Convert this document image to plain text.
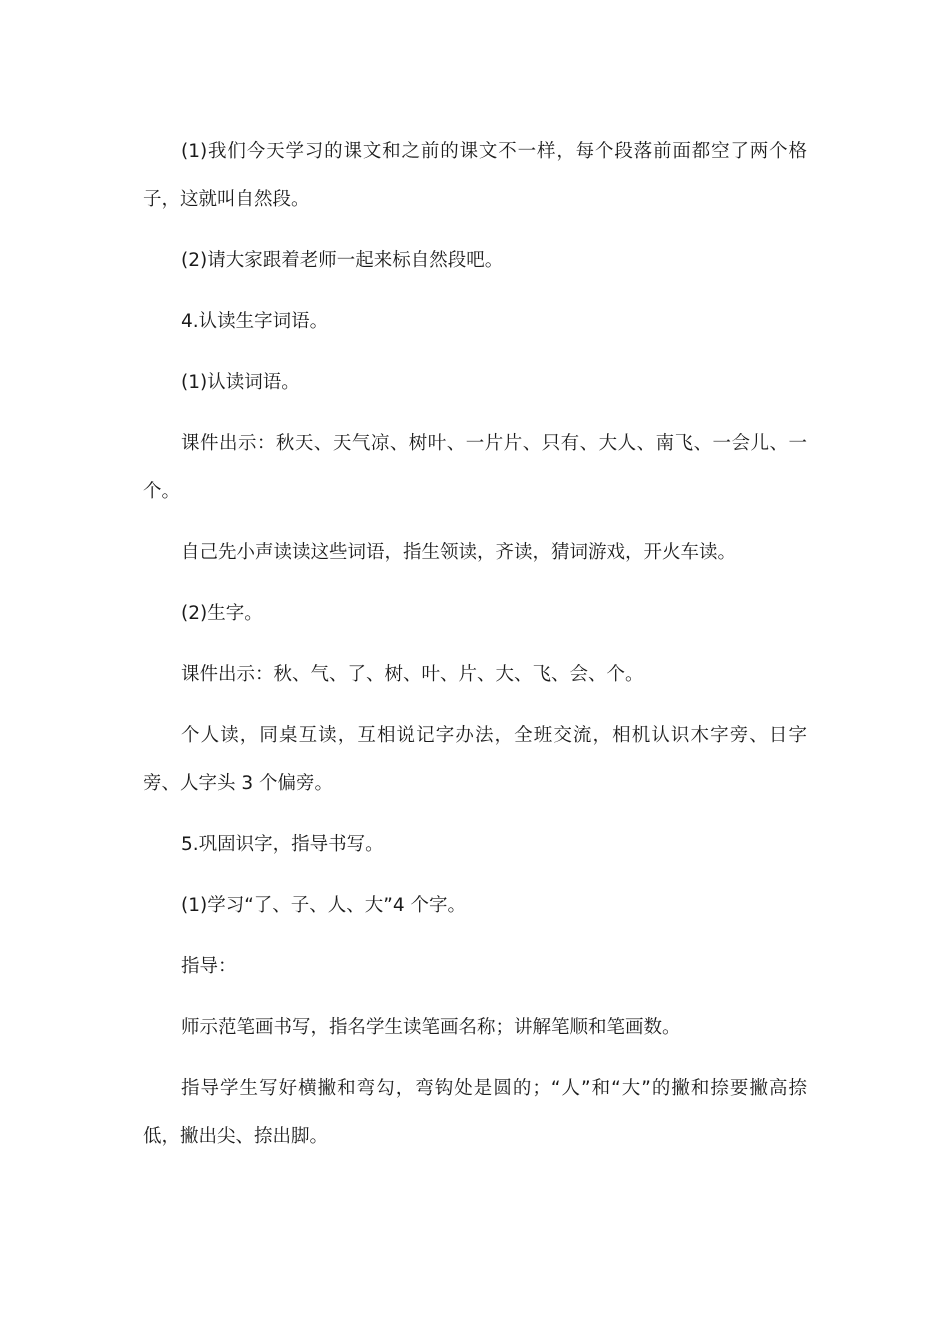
(1)我们今天学习的课文和之前的课文不一样，每个段落前面都空了两个格子，这就叫自然段。

(2)请大家跟着老师一起来标自然段吧。

4.认读生字词语。

(1)认读词语。

课件出示：秋天、天气凉、树叶、一片片、只有、大人、南飞、一会儿、一个。

自己先小声读读这些词语，指生领读，齐读，猜词游戏，开火车读。

(2)生字。

课件出示：秋、气、了、树、叶、片、大、飞、会、个。

个人读，同桌互读，互相说记字办法，全班交流，相机认识木字旁、日字旁、人字头 3 个偏旁。

5.巩固识字，指导书写。

(1)学习“了、子、人、大”4 个字。

指导：

师示范笔画书写，指名学生读笔画名称；讲解笔顺和笔画数。

指导学生写好横撇和弯勾，弯钩处是圆的；“人”和“大”的撇和捺要撇高捺低，撇出尖、捺出脚。
